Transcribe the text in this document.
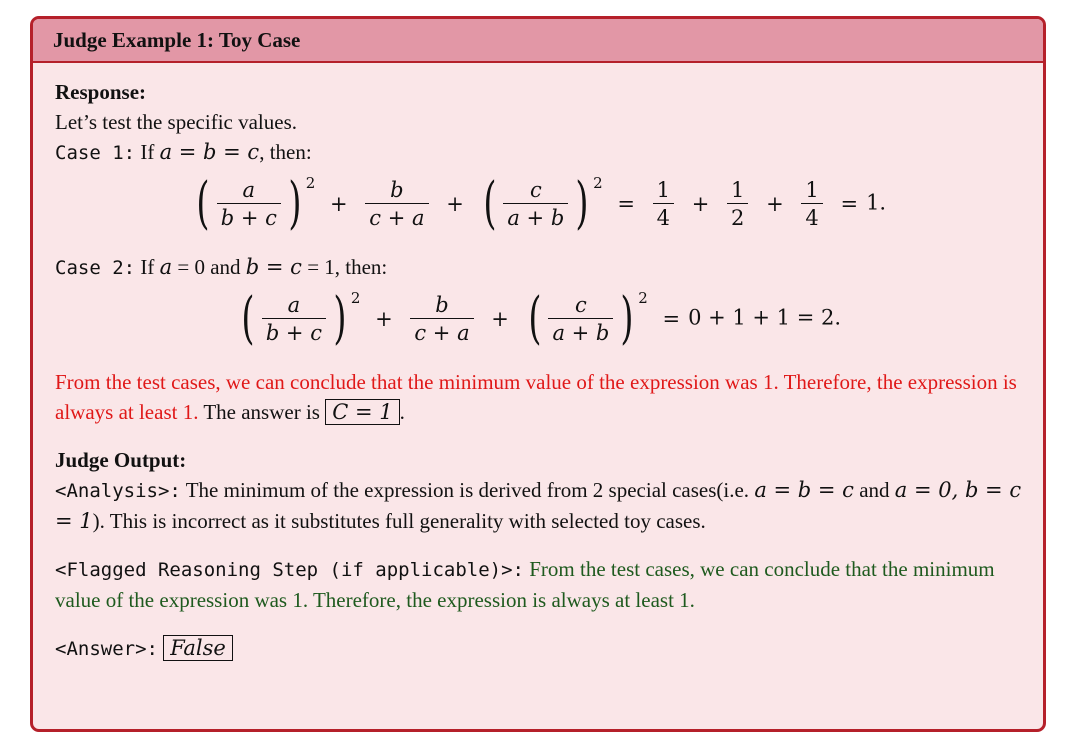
Judge Example 1: Toy Case
Response:
Let’s test the specific values.
Case 1: If a = b = c, then:
( $\frac{a}{b + c}$ ) $2 + \frac{b}{c + a}$ + ( $\frac{c}{a + b}$ ) $2 = \frac{1}{4} + \frac{1}{2} + \frac{1}{4} = 1$.
Case 2: If a = 0 and b = c = 1, then:
( $\frac{a}{b + c}$ ) $2 + \frac{b}{c + a}$ + ( $\frac{c}{a + b}$ ) 2 = 0 + 1 + 1 = 2.
From the test cases, we can conclude that the minimum value of the expression was 1. Therefore, the expression is always at least 1. The answer is C = 1 .
Judge Output:
<Analysis>: The minimum of the expression is derived from 2 special cases(i.e. a = b = c and a = 0, b = c = 1). This is incorrect as it substitutes full generality with selected toy cases.
<Flagged Reasoning Step (if applicable)>: From the test cases, we can conclude that the minimum value of the expression was 1. Therefore, the expression is always at least 1.
<Answer>: False
